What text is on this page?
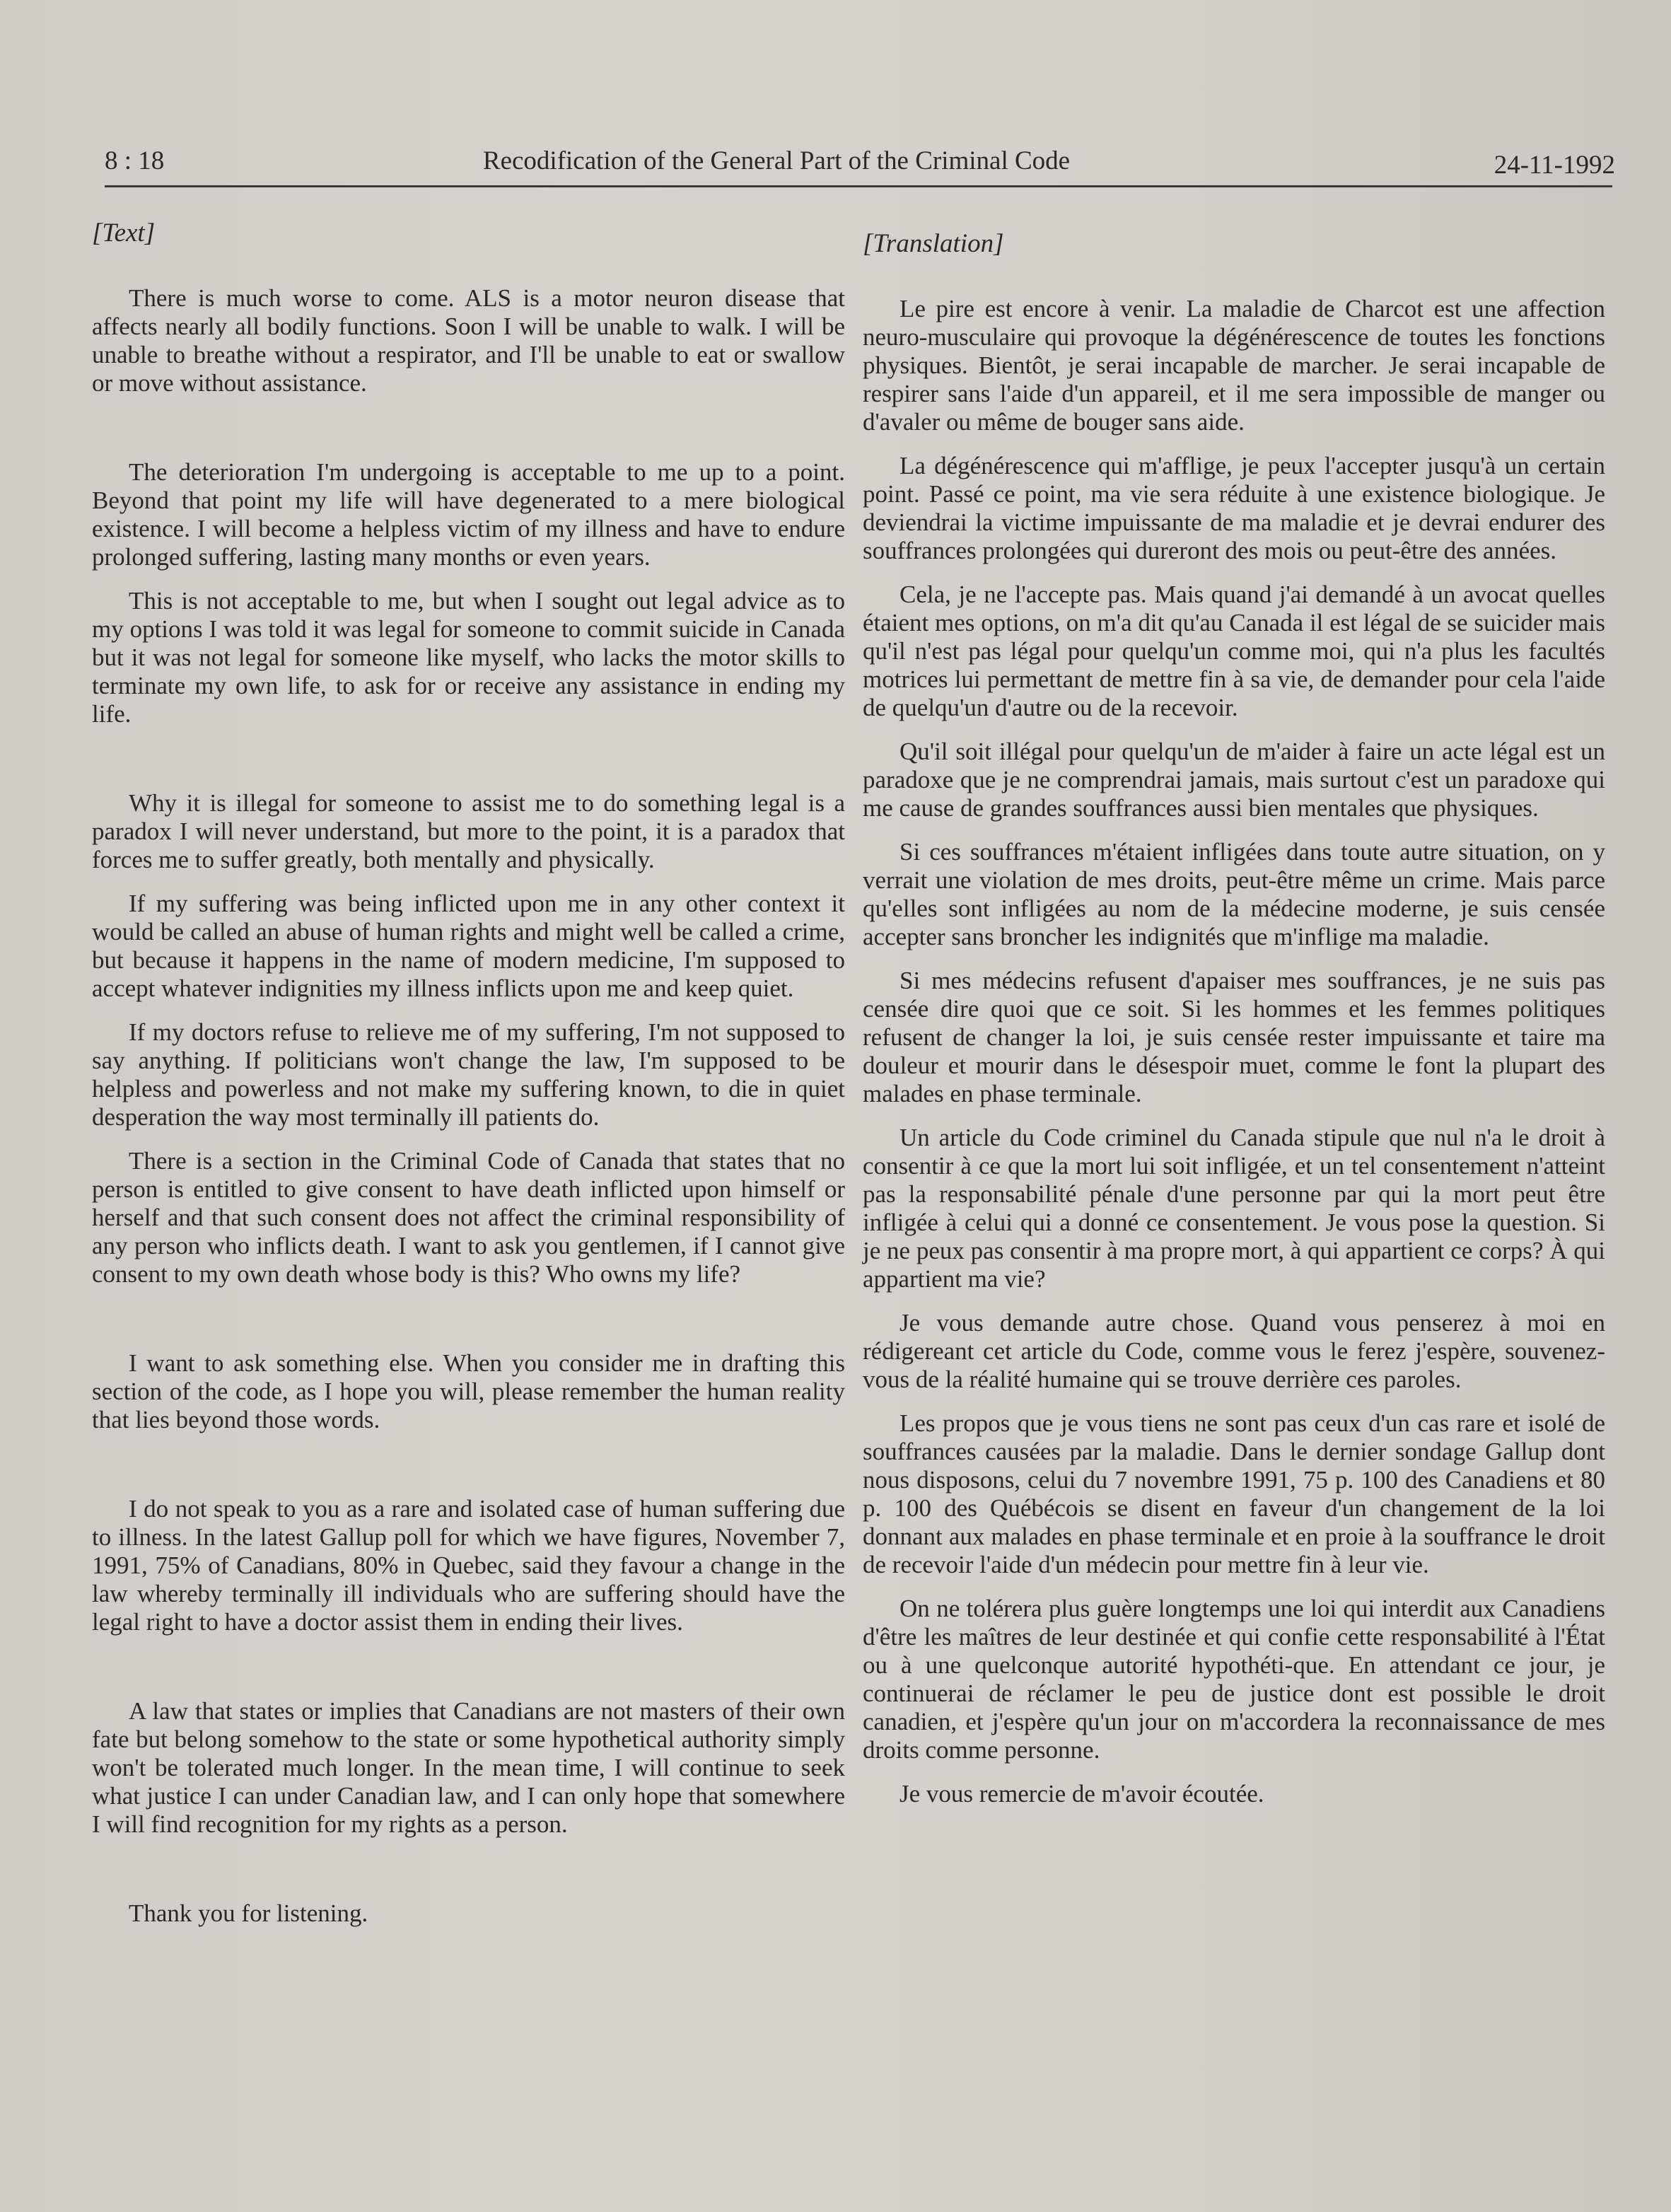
8 : 18	Recodification of the General Part of the Criminal Code	24-11-1992
[Text]

There is much worse to come. ALS is a motor neuron disease that affects nearly all bodily functions. Soon I will be unable to walk. I will be unable to breathe without a respirator, and I'll be unable to eat or swallow or move without assistance.

The deterioration I'm undergoing is acceptable to me up to a point. Beyond that point my life will have degenerated to a mere biological existence. I will become a helpless victim of my illness and have to endure prolonged suffering, lasting many months or even years.

This is not acceptable to me, but when I sought out legal advice as to my options I was told it was legal for someone to commit suicide in Canada but it was not legal for someone like myself, who lacks the motor skills to terminate my own life, to ask for or receive any assistance in ending my life.

Why it is illegal for someone to assist me to do something legal is a paradox I will never understand, but more to the point, it is a paradox that forces me to suffer greatly, both mentally and physically.

If my suffering was being inflicted upon me in any other context it would be called an abuse of human rights and might well be called a crime, but because it happens in the name of modern medicine, I'm supposed to accept whatever indignities my illness inflicts upon me and keep quiet.

If my doctors refuse to relieve me of my suffering, I'm not supposed to say anything. If politicians won't change the law, I'm supposed to be helpless and powerless and not make my suffering known, to die in quiet desperation the way most terminally ill patients do.

There is a section in the Criminal Code of Canada that states that no person is entitled to give consent to have death inflicted upon himself or herself and that such consent does not affect the criminal responsibility of any person who inflicts death. I want to ask you gentlemen, if I cannot give consent to my own death whose body is this? Who owns my life?

I want to ask something else. When you consider me in drafting this section of the code, as I hope you will, please remember the human reality that lies beyond those words.

I do not speak to you as a rare and isolated case of human suffering due to illness. In the latest Gallup poll for which we have figures, November 7, 1991, 75% of Canadians, 80% in Quebec, said they favour a change in the law whereby terminally ill individuals who are suffering should have the legal right to have a doctor assist them in ending their lives.

A law that states or implies that Canadians are not masters of their own fate but belong somehow to the state or some hypothetical authority simply won't be tolerated much longer. In the mean time, I will continue to seek what justice I can under Canadian law, and I can only hope that somewhere I will find recognition for my rights as a person.

Thank you for listening.

[Translation]

Le pire est encore à venir. La maladie de Charcot est une affection neuro-musculaire qui provoque la dégénérescence de toutes les fonctions physiques. Bientôt, je serai incapable de marcher. Je serai incapable de respirer sans l'aide d'un appareil, et il me sera impossible de manger ou d'avaler ou même de bouger sans aide.

La dégénérescence qui m'afflige, je peux l'accepter jusqu'à un certain point. Passé ce point, ma vie sera réduite à une existence biologique. Je deviendrai la victime impuissante de ma maladie et je devrai endurer des souffrances prolongées qui dureront des mois ou peut-être des années.

Cela, je ne l'accepte pas. Mais quand j'ai demandé à un avocat quelles étaient mes options, on m'a dit qu'au Canada il est légal de se suicider mais qu'il n'est pas légal pour quelqu'un comme moi, qui n'a plus les facultés motrices lui permettant de mettre fin à sa vie, de demander pour cela l'aide de quelqu'un d'autre ou de la recevoir.

Qu'il soit illégal pour quelqu'un de m'aider à faire un acte légal est un paradoxe que je ne comprendrai jamais, mais surtout c'est un paradoxe qui me cause de grandes souffrances aussi bien mentales que physiques.

Si ces souffrances m'étaient infligées dans toute autre situation, on y verrait une violation de mes droits, peut-être même un crime. Mais parce qu'elles sont infligées au nom de la médecine moderne, je suis censée accepter sans broncher les indignités que m'inflige ma maladie.

Si mes médecins refusent d'apaiser mes souffrances, je ne suis pas censée dire quoi que ce soit. Si les hommes et les femmes politiques refusent de changer la loi, je suis censée rester impuissante et taire ma douleur et mourir dans le désespoir muet, comme le font la plupart des malades en phase terminale.

Un article du Code criminel du Canada stipule que nul n'a le droit à consentir à ce que la mort lui soit infligée, et un tel consentement n'atteint pas la responsabilité pénale d'une personne par qui la mort peut être infligée à celui qui a donné ce consentement. Je vous pose la question. Si je ne peux pas consentir à ma propre mort, à qui appartient ce corps? À qui appartient ma vie?

Je vous demande autre chose. Quand vous penserez à moi en rédigereant cet article du Code, comme vous le ferez j'espère, souvenez-vous de la réalité humaine qui se trouve derrière ces paroles.

Les propos que je vous tiens ne sont pas ceux d'un cas rare et isolé de souffrances causées par la maladie. Dans le dernier sondage Gallup dont nous disposons, celui du 7 novembre 1991, 75 p. 100 des Canadiens et 80 p. 100 des Québécois se disent en faveur d'un changement de la loi donnant aux malades en phase terminale et en proie à la souffrance le droit de recevoir l'aide d'un médecin pour mettre fin à leur vie.

On ne tolérera plus guère longtemps une loi qui interdit aux Canadiens d'être les maîtres de leur destinée et qui confie cette responsabilité à l'État ou à une quelconque autorité hypothéti-que. En attendant ce jour, je continuerai de réclamer le peu de justice dont est possible le droit canadien, et j'espère qu'un jour on m'accordera la reconnaissance de mes droits comme personne.

Je vous remercie de m'avoir écoutée.
